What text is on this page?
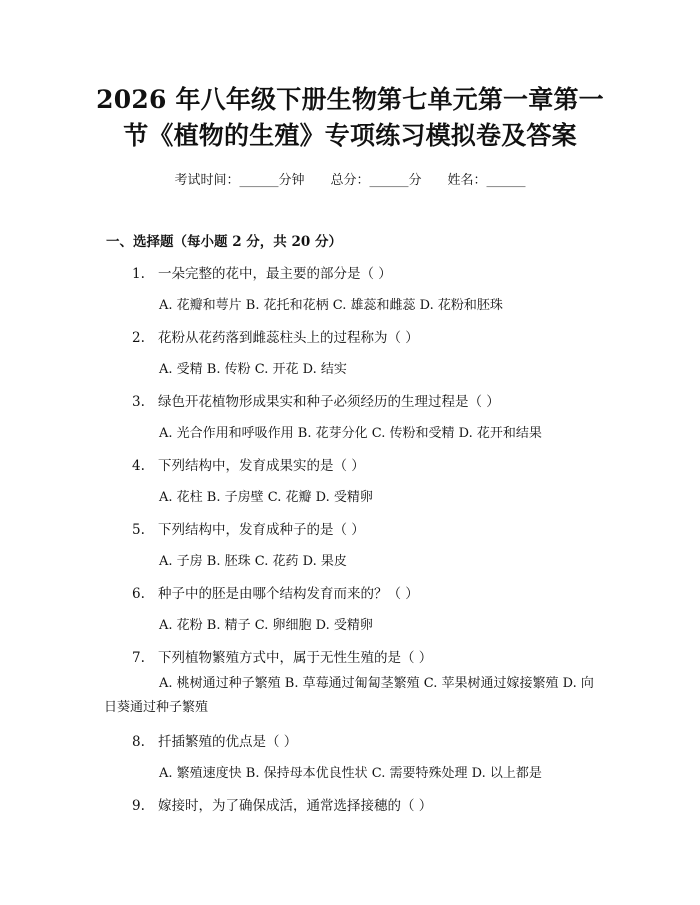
2026 年八年级下册生物第七单元第一章第一
节《植物的生殖》专项练习模拟卷及答案
考试时间：______分钟 总分：______分 姓名：______
一、选择题（每小题 2 分，共 20 分）
1. 一朵完整的花中，最主要的部分是（ ）
A. 花瓣和萼片 B. 花托和花柄 C. 雄蕊和雌蕊 D. 花粉和胚珠
2. 花粉从花药落到雌蕊柱头上的过程称为（ ）
A. 受精 B. 传粉 C. 开花 D. 结实
3. 绿色开花植物形成果实和种子必须经历的生理过程是（ ）
A. 光合作用和呼吸作用 B. 花芽分化 C. 传粉和受精 D. 花开和结果
4. 下列结构中，发育成果实的是（ ）
A. 花柱 B. 子房壁 C. 花瓣 D. 受精卵
5. 下列结构中，发育成种子的是（ ）
A. 子房 B. 胚珠 C. 花药 D. 果皮
6. 种子中的胚是由哪个结构发育而来的？（ ）
A. 花粉 B. 精子 C. 卵细胞 D. 受精卵
7. 下列植物繁殖方式中，属于无性生殖的是（ ）
A. 桃树通过种子繁殖 B. 草莓通过匍匐茎繁殖 C. 苹果树通过嫁接繁殖 D. 向日葵通过种子繁殖
8. 扦插繁殖的优点是（ ）
A. 繁殖速度快 B. 保持母本优良性状 C. 需要特殊处理 D. 以上都是
9. 嫁接时，为了确保成活，通常选择接穗的（ ）
